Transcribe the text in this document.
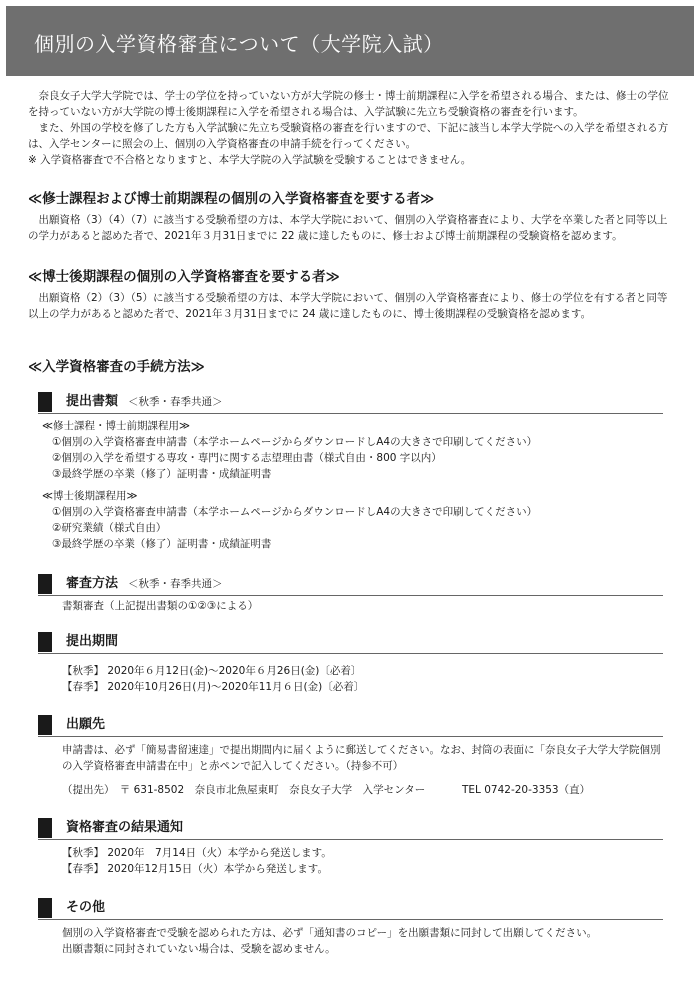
個別の入学資格審査について（大学院入試）

奈良女子大学大学院では、学士の学位を持っていない方が大学院の修士・博士前期課程に入学を希望される場合、または、修士の学位を持っていない方が大学院の博士後期課程に入学を希望される場合は、入学試験に先立ち受験資格の審査を行います。

また、外国の学校を修了した方も入学試験に先立ち受験資格の審査を行いますので、下記に該当し本学大学院への入学を希望される方は、入学センターに照会の上、個別の入学資格審査の申請手続を行ってください。

※ 入学資格審査で不合格となりますと、本学大学院の入学試験を受験することはできません。

≪修士課程および博士前期課程の個別の入学資格審査を要する者≫

出願資格（3）（4）（7）に該当する受験希望の方は、本学大学院において、個別の入学資格審査により、大学を卒業した者と同等以上の学力があると認めた者で、2021年３月31日までに 22 歳に達したものに、修士および博士前期課程の受験資格を認めます。

≪博士後期課程の個別の入学資格審査を要する者≫

出願資格（2）（3）（5）に該当する受験希望の方は、本学大学院において、個別の入学資格審査により、修士の学位を有する者と同等以上の学力があると認めた者で、2021年３月31日までに 24 歳に達したものに、博士後期課程の受験資格を認めます。

≪入学資格審査の手続方法≫
提出書類 ＜秋季・春季共通＞
≪修士課程・博士前期課程用≫
①個別の入学資格審査申請書（本学ホームページからダウンロードしA4の大きさで印刷してください）
②個別の入学を希望する専攻・専門に関する志望理由書（様式自由・800 字以内）
③最終学歴の卒業（修了）証明書・成績証明書
≪博士後期課程用≫
①個別の入学資格審査申請書（本学ホームページからダウンロードしA4の大きさで印刷してください）
②研究業績（様式自由）
③最終学歴の卒業（修了）証明書・成績証明書
審査方法 ＜秋季・春季共通＞
書類審査（上記提出書類の①②③による）
提出期間
【秋季】 2020年６月12日(金)～2020年６月26日(金)〔必着〕
【春季】 2020年10月26日(月)～2020年11月６日(金)〔必着〕
出願先

申請書は、必ず「簡易書留速達」で提出期間内に届くように郵送してください。なお、封筒の表面に「奈良女子大学大学院個別の入学資格審査申請書在中」と赤ペンで記入してください。（持参不可）

（提出先）　〒 631-8502　奈良市北魚屋東町　奈良女子大学　入学センター	TEL 0742-20-3353（直）
資格審査の結果通知
【秋季】 2020年　7月14日（火）本学から発送します。
【春季】 2020年12月15日（火）本学から発送します。
その他
個別の入学資格審査で受験を認められた方は、必ず「通知書のコピー」を出願書類に同封して出願してください。
出願書類に同封されていない場合は、受験を認めません。
